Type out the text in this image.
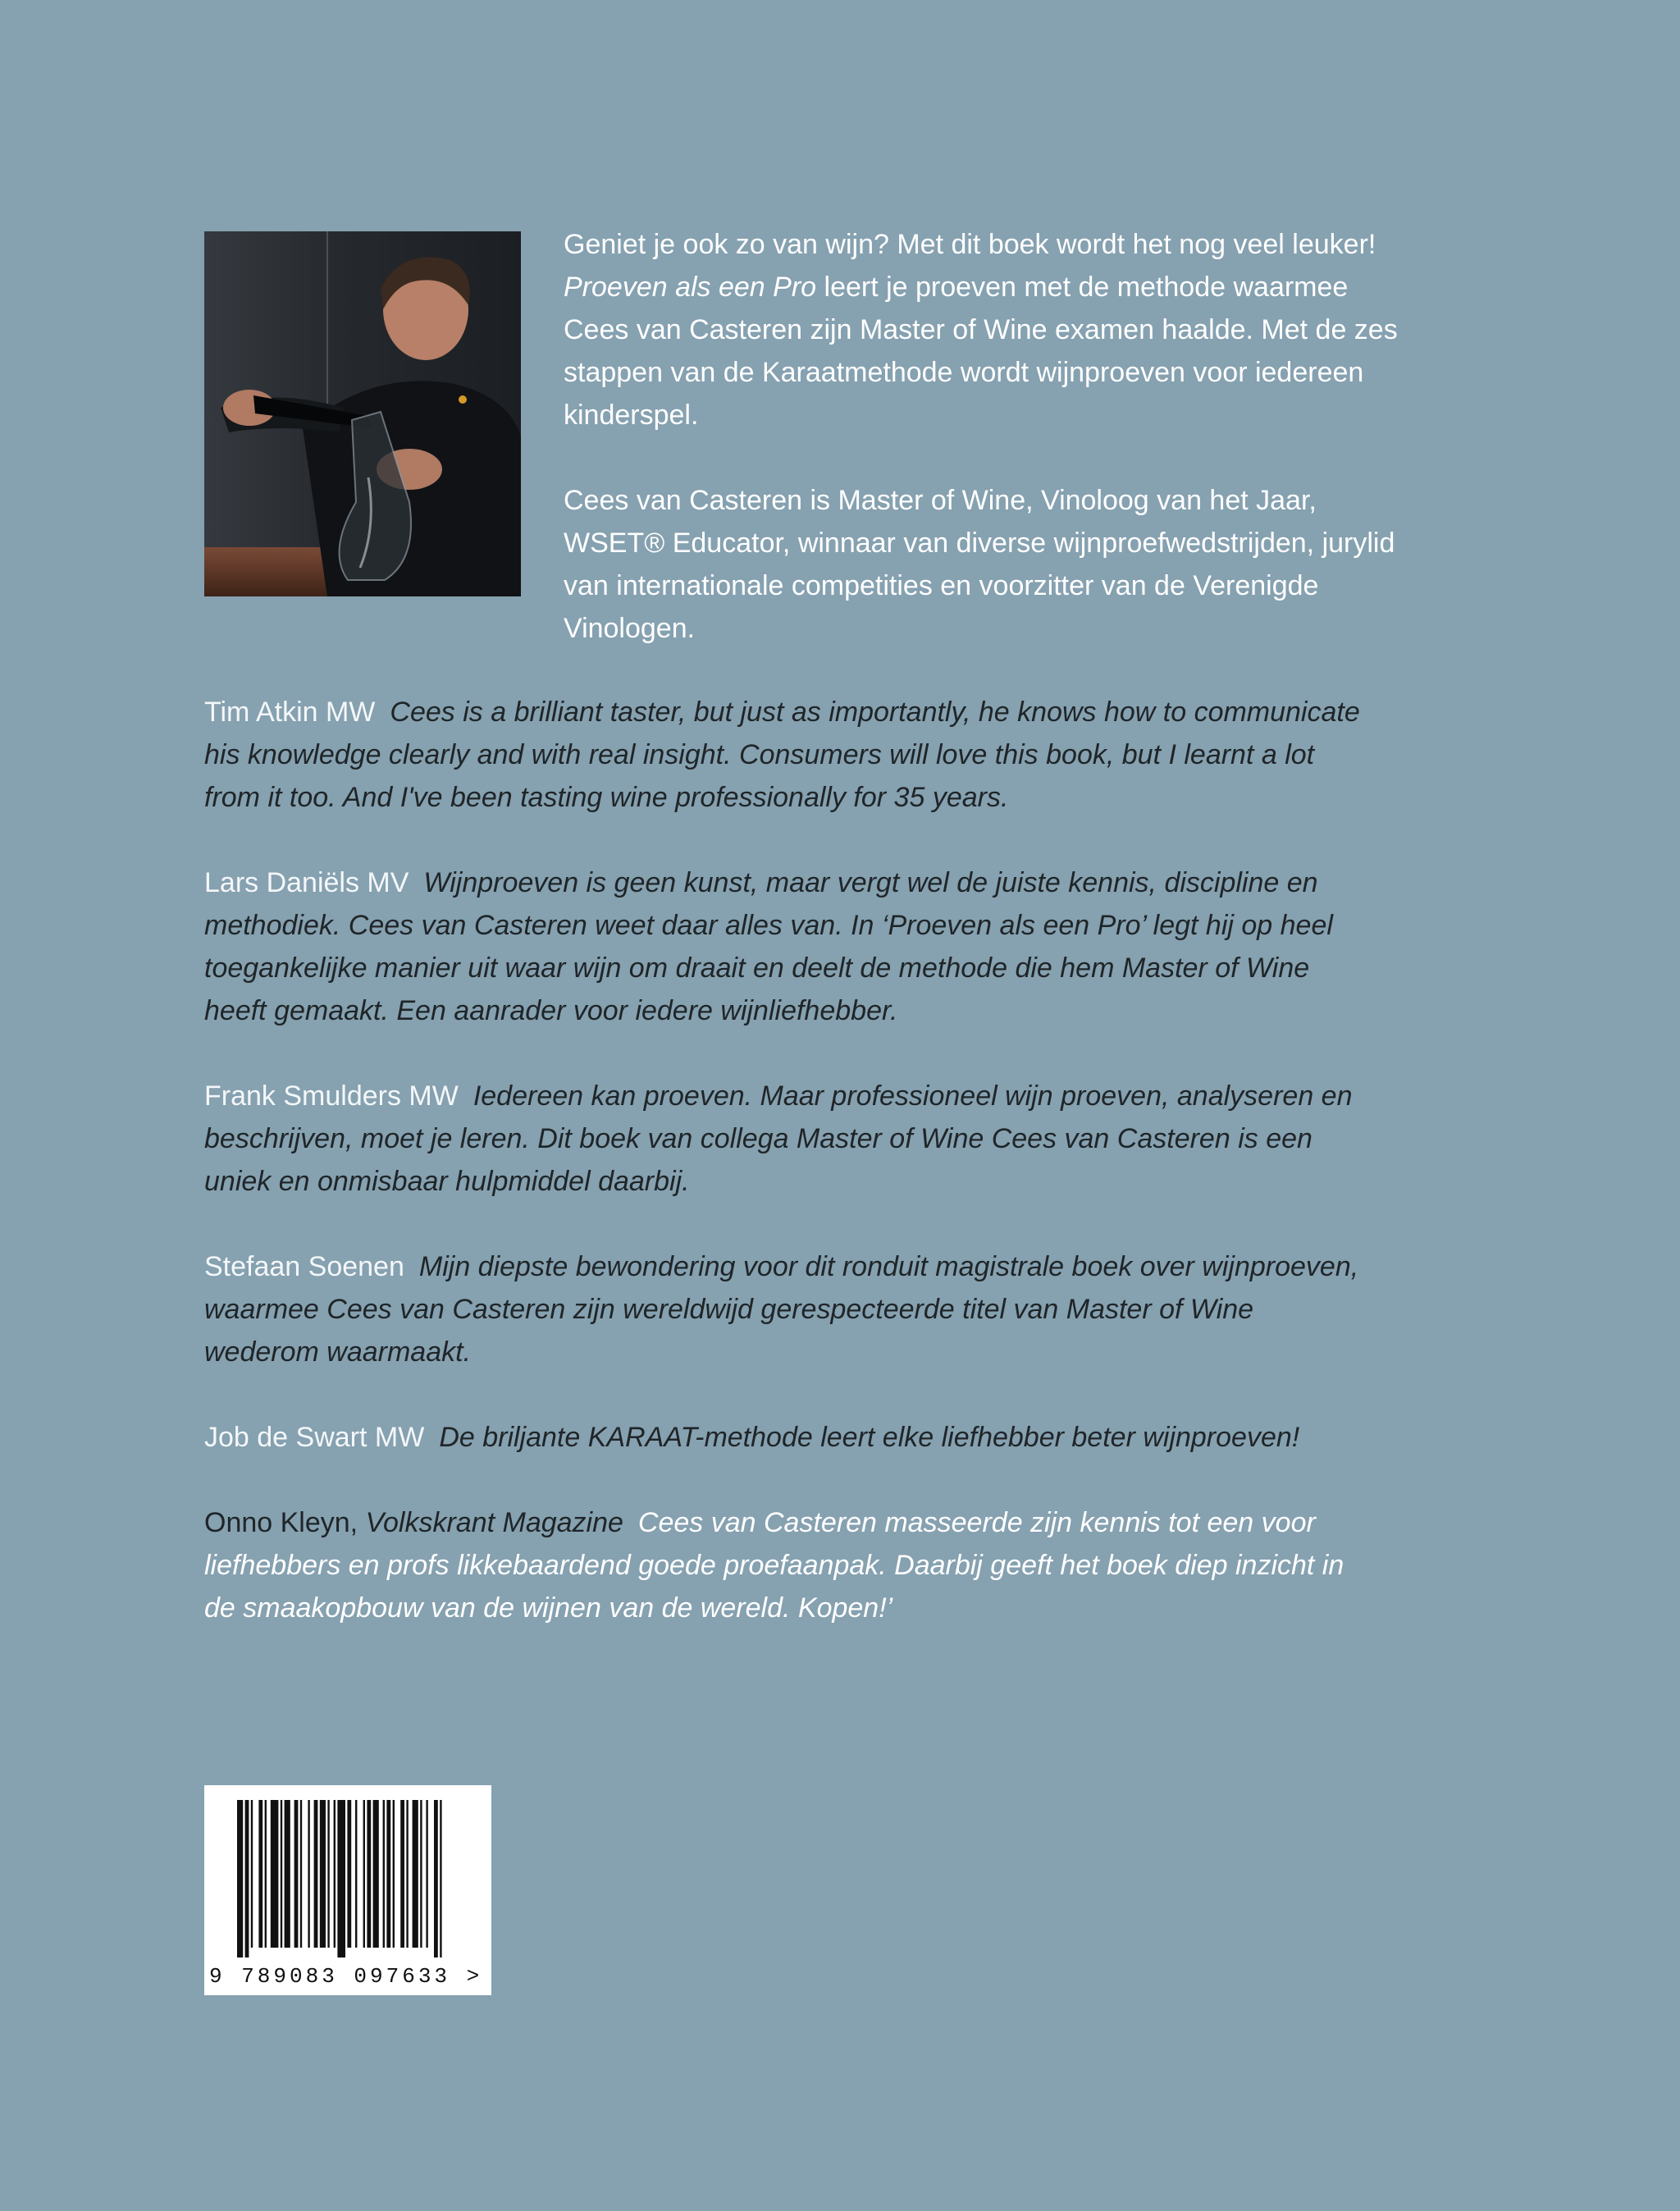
Geniet je ook zo van wijn? Met dit boek wordt het nog veel leuker! Proeven als een Pro leert je proeven met de methode waarmee Cees van Casteren zijn Master of Wine examen haalde. Met de zes stappen van de Karaatmethode wordt wijnproeven voor iedereen kinderspel.

Cees van Casteren is Master of Wine, Vinoloog van het Jaar, WSET® Educator, winnaar van diverse wijnproefwedstrijden, jurylid van internationale competities en voorzitter van de Verenigde Vinologen.

Tim Atkin MW Cees is a brilliant taster, but just as importantly, he knows how to communicate his knowledge clearly and with real insight. Consumers will love this book, but I learnt a lot from it too. And I've been tasting wine professionally for 35 years.
Lars Daniëls MV Wijnproeven is geen kunst, maar vergt wel de juiste kennis, discipline en methodiek. Cees van Casteren weet daar alles van. In ‘Proeven als een Pro’ legt hij op heel toegankelijke manier uit waar wijn om draait en deelt de methode die hem Master of Wine heeft gemaakt. Een aanrader voor iedere wijnliefhebber.
Frank Smulders MW Iedereen kan proeven. Maar professioneel wijn proeven, analyseren en beschrijven, moet je leren. Dit boek van collega Master of Wine Cees van Casteren is een uniek en onmisbaar hulpmiddel daarbij.
Stefaan Soenen Mijn diepste bewondering voor dit ronduit magistrale boek over wijnproeven, waarmee Cees van Casteren zijn wereldwijd gerespecteerde titel van Master of Wine wederom waarmaakt.
Job de Swart MW De briljante KARAAT-methode leert elke liefhebber beter wijnproeven!
Onno Kleyn, Volkskrant Magazine Cees van Casteren masseerde zijn kennis tot een voor liefhebbers en profs likkebaardend goede proefaanpak. Daarbij geeft het boek diep inzicht in de smaakopbouw van de wijnen van de wereld. Kopen!’
9 789083 097633 >
